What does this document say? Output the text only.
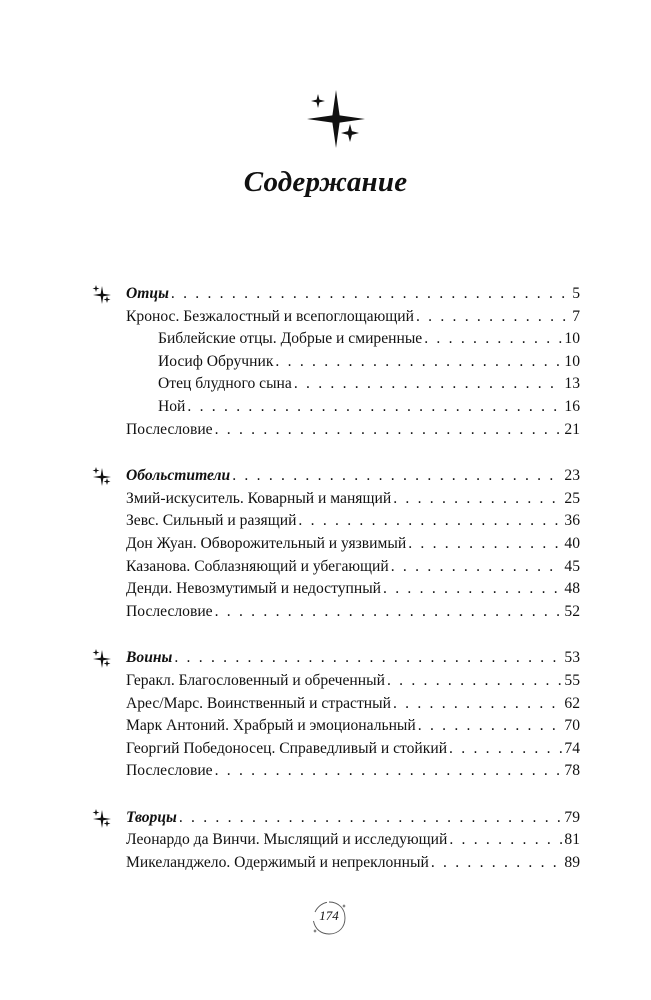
Содержание
Отцы . . .	5
Кронос. Безжалостный и всепоглощающий . . .	7
Библейские отцы. Добрые и смиренные . . .	10
Иосиф Обручник . . .	10
Отец блудного сына . . .	13
Ной . . .	16
Послесловие . . .	21
Обольстители . . .	23
Змий-искуситель. Коварный и манящий . . .	25
Зевс. Сильный и разящий . . .	36
Дон Жуан. Обворожительный и уязвимый . . .	40
Казанова. Соблазняющий и убегающий . . .	45
Денди. Невозмутимый и недоступный . . .	48
Послесловие . . .	52
Воины . . .	53
Геракл. Благословенный и обреченный . . .	55
Арес/Марс. Воинственный и страстный . . .	62
Марк Антоний. Храбрый и эмоциональный . . .	70
Георгий Победоносец. Справедливый и стойкий . . .	74
Послесловие . . .	78
Творцы . . .	79
Леонардо да Винчи. Мыслящий и исследующий . . .	81
Микеланджело. Одержимый и непреклонный . . .	89
174
